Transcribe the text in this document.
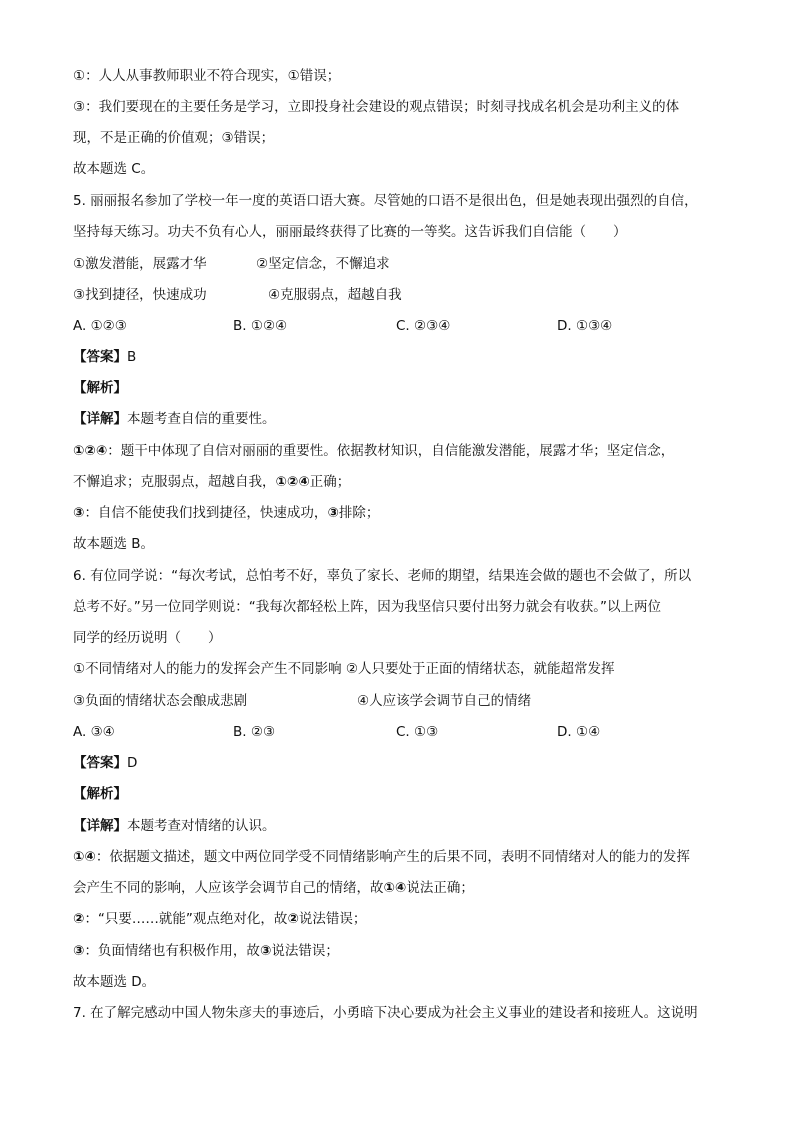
①：人人从事教师职业不符合现实，①错误；
③：我们要现在的主要任务是学习，立即投身社会建设的观点错误；时刻寻找成名机会是功利主义的体
现，不是正确的价值观；③错误；
故本题选 C。
5. 丽丽报名参加了学校一年一度的英语口语大赛。尽管她的口语不是很出色，但是她表现出强烈的自信，
坚持每天练习。功夫不负有心人，丽丽最终获得了比赛的一等奖。这告诉我们自信能（　　）
①激发潜能，展露才华	②坚定信念，不懈追求
③找到捷径，快速成功	④克服弱点，超越自我
A. ①②③	B. ①②④	C. ②③④	D. ①③④
【答案】B
【解析】
【详解】本题考查自信的重要性。
①②④：题干中体现了自信对丽丽的重要性。依据教材知识，自信能激发潜能，展露才华；坚定信念，
不懈追求；克服弱点，超越自我，①②④正确；
③：自信不能使我们找到捷径，快速成功，③排除；
故本题选 B。
6. 有位同学说：“每次考试，总怕考不好，辜负了家长、老师的期望，结果连会做的题也不会做了，所以
总考不好。”另一位同学则说：“我每次都轻松上阵，因为我坚信只要付出努力就会有收获。”以上两位
同学的经历说明（　　）
①不同情绪对人的能力的发挥会产生不同影响 ②人只要处于正面的情绪状态，就能超常发挥
③负面的情绪状态会酿成悲剧	④人应该学会调节自己的情绪
A. ③④	B. ②③	C. ①③	D. ①④
【答案】D
【解析】
【详解】本题考查对情绪的认识。
①④：依据题文描述，题文中两位同学受不同情绪影响产生的后果不同，表明不同情绪对人的能力的发挥
会产生不同的影响，人应该学会调节自己的情绪，故①④说法正确；
②：“只要……就能”观点绝对化，故②说法错误；
③：负面情绪也有积极作用，故③说法错误；
故本题选 D。
7. 在了解完感动中国人物朱彦夫的事迹后，小勇暗下决心要成为社会主义事业的建设者和接班人。这说明
